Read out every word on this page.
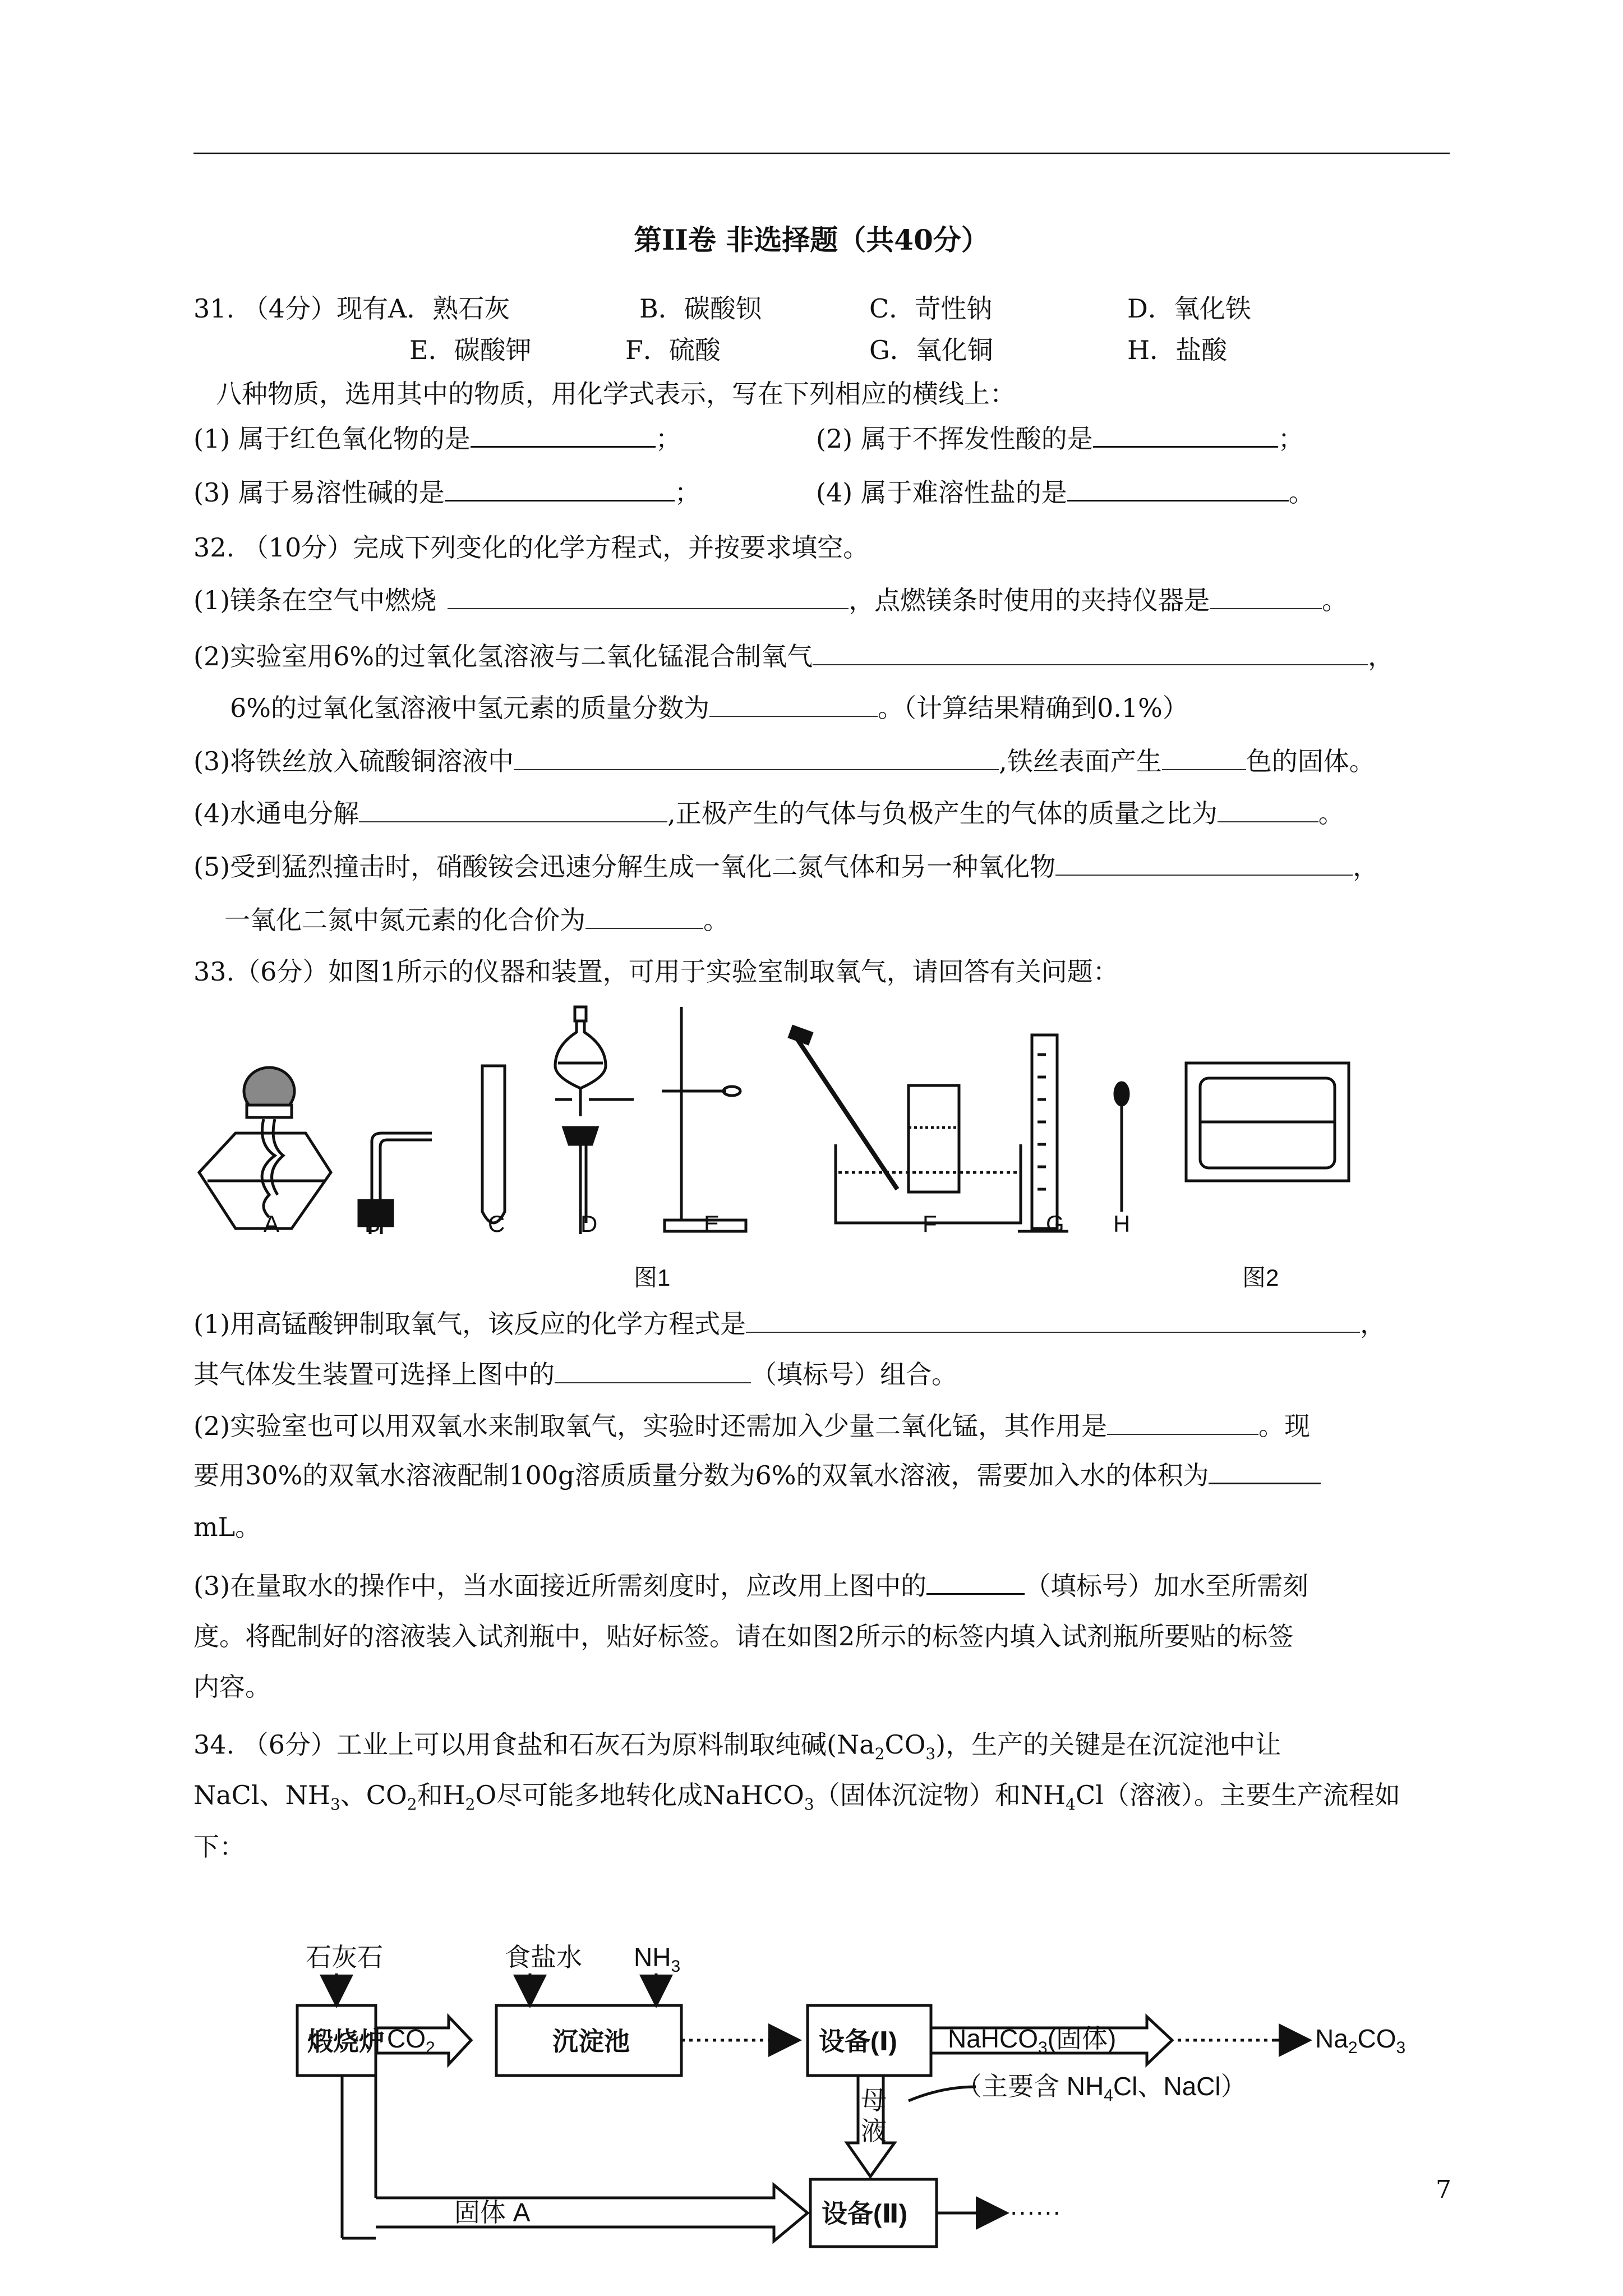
第II卷 非选择题（共40分）
31. （4分）现有A．熟石灰	B．碳酸钡	C．苛性钠	D．氧化铁
E．碳酸钾	F．硫酸	G．氧化铜	H．盐酸
八种物质，选用其中的物质，用化学式表示，写在下列相应的横线上：
(1) 属于红色氧化物的是	；	(2) 属于不挥发性酸的是	；
(3) 属于易溶性碱的是	；	(4) 属于难溶性盐的是	。
32. （10分）完成下列变化的化学方程式，并按要求填空。
(1)镁条在空气中燃烧	，点燃镁条时使用的夹持仪器是	。
(2)实验室用6%的过氧化氢溶液与二氧化锰混合制氧气	，
6%的过氧化氢溶液中氢元素的质量分数为	。（计算结果精确到0.1%）
(3)将铁丝放入硫酸铜溶液中	,铁丝表面产生	色的固体。
(4)水通电分解	,正极产生的气体与负极产生的气体的质量之比为	。
(5)受到猛烈撞击时，硝酸铵会迅速分解生成一氧化二氮气体和另一种氧化物	，
一氧化二氮中氮元素的化合价为	。
33.（6分）如图1所示的仪器和装置，可用于实验室制取氧气，请回答有关问题：
A	B	C	D	E	F	G H
图1	图2
(1)用高锰酸钾制取氧气，该反应的化学方程式是	，
其气体发生装置可选择上图中的	（填标号）组合。
(2)实验室也可以用双氧水来制取氧气，实验时还需加入少量二氧化锰，其作用是	。现
要用30%的双氧水溶液配制100g溶质质量分数为6%的双氧水溶液，需要加入水的体积为
mL。
(3)在量取水的操作中，当水面接近所需刻度时，应改用上图中的	（填标号）加水至所需刻
度。将配制好的溶液装入试剂瓶中，贴好标签。请在如图2所示的标签内填入试剂瓶所要贴的标签
内容。
34. （6分）工业上可以用食盐和石灰石为原料制取纯碱$(Na_2CO_3)$，生产的关键是在沉淀池中让
NaCl、$NH_3$、$CO_2$和$H_2O$尽可能多地转化成NaHCO$_3$（固体沉淀物）和$NH_4Cl$（溶液）。主要生产流程如
下：
石灰石	食盐水 $NH_3$
煅烧炉 $CO_2$	沉淀池	设备(Ⅰ) NaHCO$_3$(固体)	$Na_2CO_3$
母
液
（主要含 $NH_4Cl$、NaCl）
固体 A	设备(Ⅱ)	······
7
